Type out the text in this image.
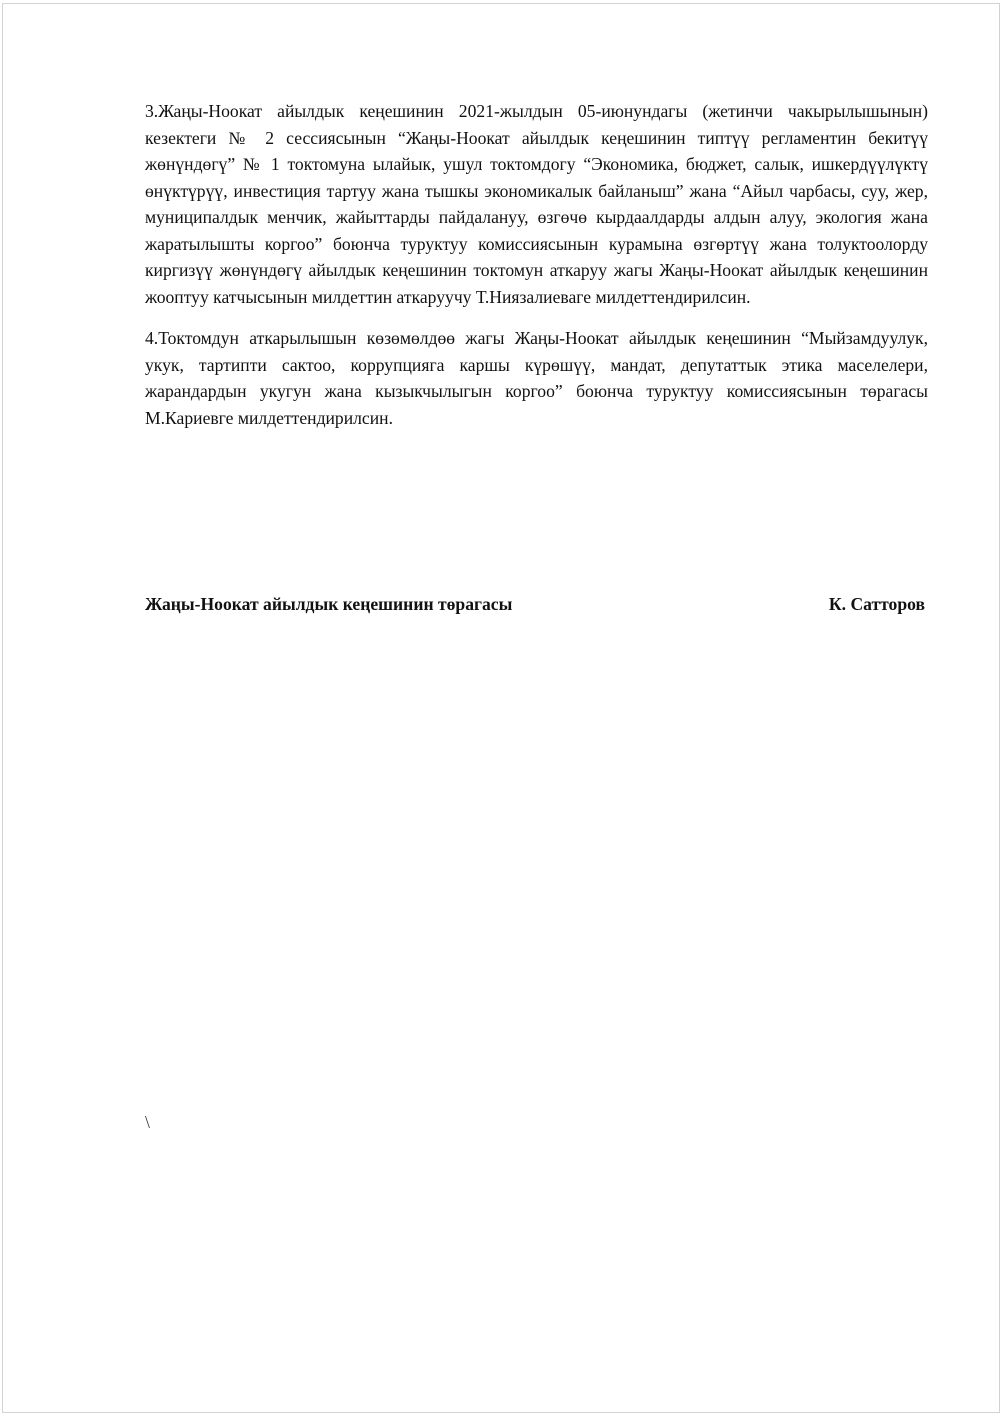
3.Жаңы-Ноокат айылдык кеңешинин 2021-жылдын 05-июнундагы (жетинчи чакырылышынын) кезектеги № 2 сессиясынын “Жаңы-Ноокат айылдык кеңешинин типтүү регламентин бекитүү жөнүндөгү” № 1 токтомуна ылайык, ушул токтомдогу “Экономика, бюджет, салык, ишкердүүлүктү өнүктүрүү, инвестиция тартуу жана тышкы экономикалык байланыш” жана “Айыл чарбасы, суу, жер, муниципалдык менчик, жайыттарды пайдалануу, өзгөчө кырдаалдарды алдын алуу, экология жана жаратылышты коргоо” боюнча туруктуу комиссиясынын курамына өзгөртүү жана толуктоолорду киргизүү жөнүндөгү айылдык кеңешинин токтомун аткаруу жагы Жаңы-Ноокат айылдык кеңешинин жооптуу катчысынын милдеттин аткаруучу Т.Ниязалиеваге милдеттендирилсин.

4.Токтомдун аткарылышын көзөмөлдөө жагы Жаңы-Ноокат айылдык кеңешинин “Мыйзамдуулук, укук, тартипти сактоо, коррупцияга каршы күрөшүү, мандат, депутаттык этика маселелери, жарандардын укугун жана кызыкчылыгын коргоо” боюнча туруктуу комиссиясынын төрагасы М.Кариевге милдеттендирилсин.

Жаңы-Ноокат айылдык кеңешинин төрагасы	К. Сатторов
\
